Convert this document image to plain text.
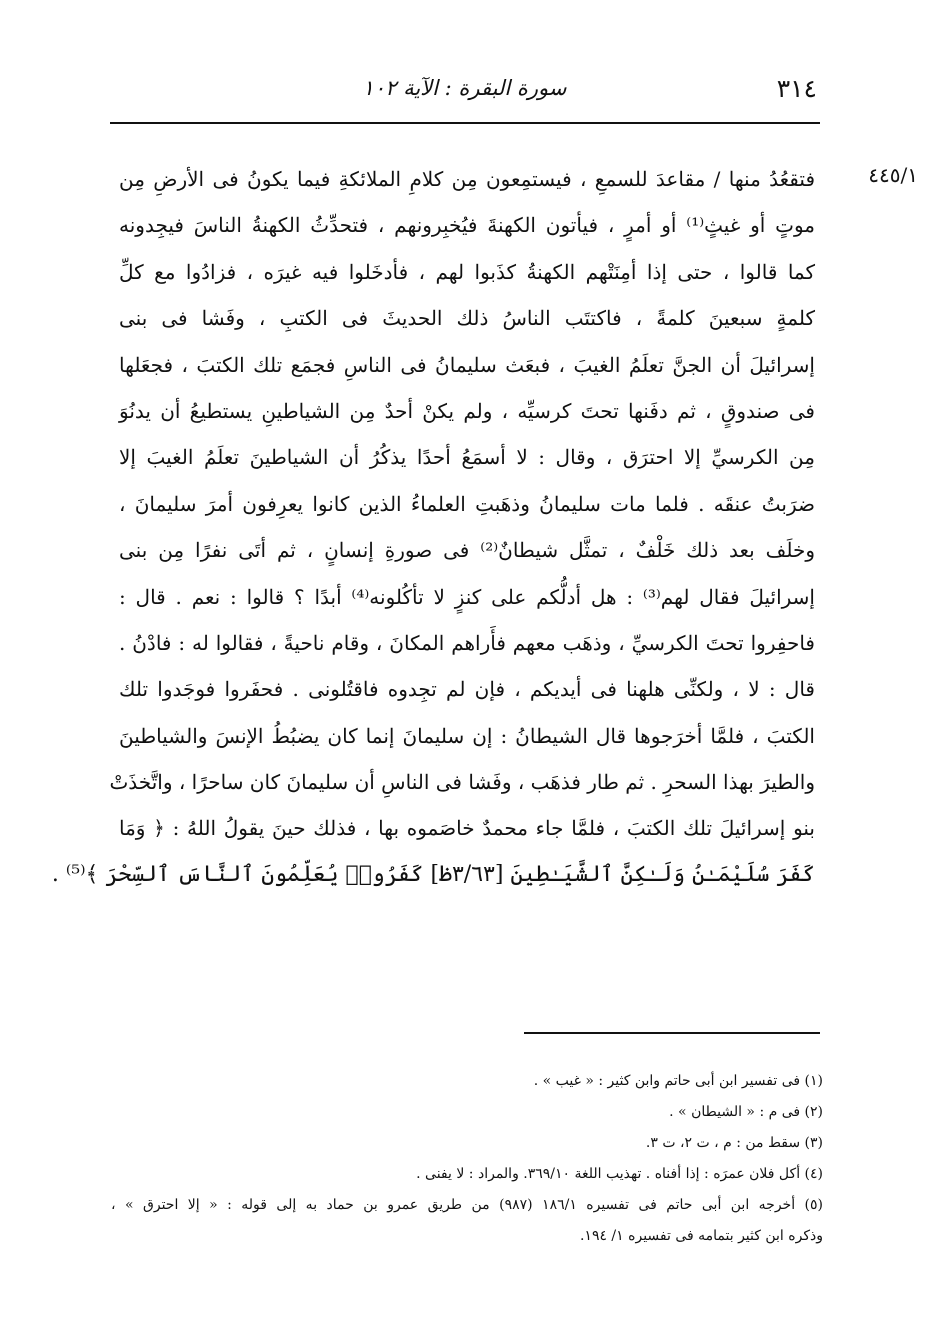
٣١٤
سورة البقرة : الآية ١٠٢
٤٤٥/١
فتقعُدُ منها / مقاعدَ للسمعِ ، فيستمِعون مِن كلامِ الملائكةِ فيما يكونُ فى الأرضِ مِن
موتٍ أو غيثٍ⁽¹⁾ أو أمرٍ ، فيأتون الكهنةَ فيُخبِرونهم ، فتحدِّثُ الكهنةُ الناسَ فيجِدونه
كما قالوا ، حتى إذا أمِنَتْهم الكهنةُ كذَبوا لهم ، فأدخَلوا فيه غيرَه ، فزادُوا مع كلِّ
كلمةٍ سبعينَ كلمةً ، فاكتتَب الناسُ ذلك الحديثَ فى الكتبِ ، وفَشا فى بنى
إسرائيلَ أن الجنَّ تعلَمُ الغيبَ ، فبعَث سليمانُ فى الناسِ فجمَع تلك الكتبَ ، فجعَلها
فى صندوقٍ ، ثم دفَنها تحتَ كرسيِّه ، ولم يكنْ أحدٌ مِن الشياطينِ يستطيعُ أن يدنُوَ
مِن الكرسيِّ إلا احترَق ، وقال : لا أسمَعُ أحدًا يذكُرُ أن الشياطينَ تعلَمُ الغيبَ إلا
ضرَبتُ عنقَه . فلما مات سليمانُ وذهَبتِ العلماءُ الذين كانوا يعرِفون أمرَ سليمانَ ،
وخلَف بعد ذلك خَلْفٌ ، تمثَّل شيطانٌ⁽²⁾ فى صورةِ إنسانٍ ، ثم أتَى نفرًا مِن بنى
إسرائيلَ فقال لهم⁽³⁾ : هل أدلُّكم على كنزٍ لا تأكُلونه⁽⁴⁾ أبدًا ؟ قالوا : نعم . قال :
فاحفِروا تحتَ الكرسيِّ ، وذهَب معهم فأَراهم المكانَ ، وقام ناحيةً ، فقالوا له : فادْنُ .
قال : لا ، ولكنِّى هلهنا فى أيديكم ، فإن لم تجِدوه فاقتُلونى . فحفَروا فوجَدوا تلك
الكتبَ ، فلمَّا أخرَجوها قال الشيطانُ : إن سليمانَ إنما كان يضبُطُ الإنسَ والشياطينَ
والطيرَ بهذا السحرِ . ثم طار فذهَب ، وفَشا فى الناسِ أن سليمانَ كان ساحرًا ، واتَّخذَتْ
بنو إسرائيلَ تلك الكتبَ ، فلمَّا جاء محمدٌ خاصَموه بها ، فذلك حينَ يقولُ اللهُ : ﴿ وَمَا
كَفَرَ سُلَيْمَـٰنُ وَلَـٰكِنَّ ٱلشَّيَـٰطِينَ [٣/٦٣ظ] كَفَرُوا۟ يُعَلِّمُونَ ٱلنَّاسَ ٱلسِّحْرَ ﴾⁽⁵⁾ .
(١) فى تفسير ابن أبى حاتم وابن كثير : « غيب » .
(٢) فى م : « الشيطان » .
(٣) سقط من : م ، ت ٢، ت ٣.
(٤) أكل فلان عمرَه : إذا أفناه . تهذيب اللغة ٣٦٩/١٠. والمراد : لا يفنى .
(٥) أخرجه ابن أبى حاتم فى تفسيره ١٨٦/١ (٩٨٧) من طريق عمرو بن حماد به إلى قوله : « إلا احترق » ،
وذكره ابن كثير بتمامه فى تفسيره ١/ ١٩٤.
